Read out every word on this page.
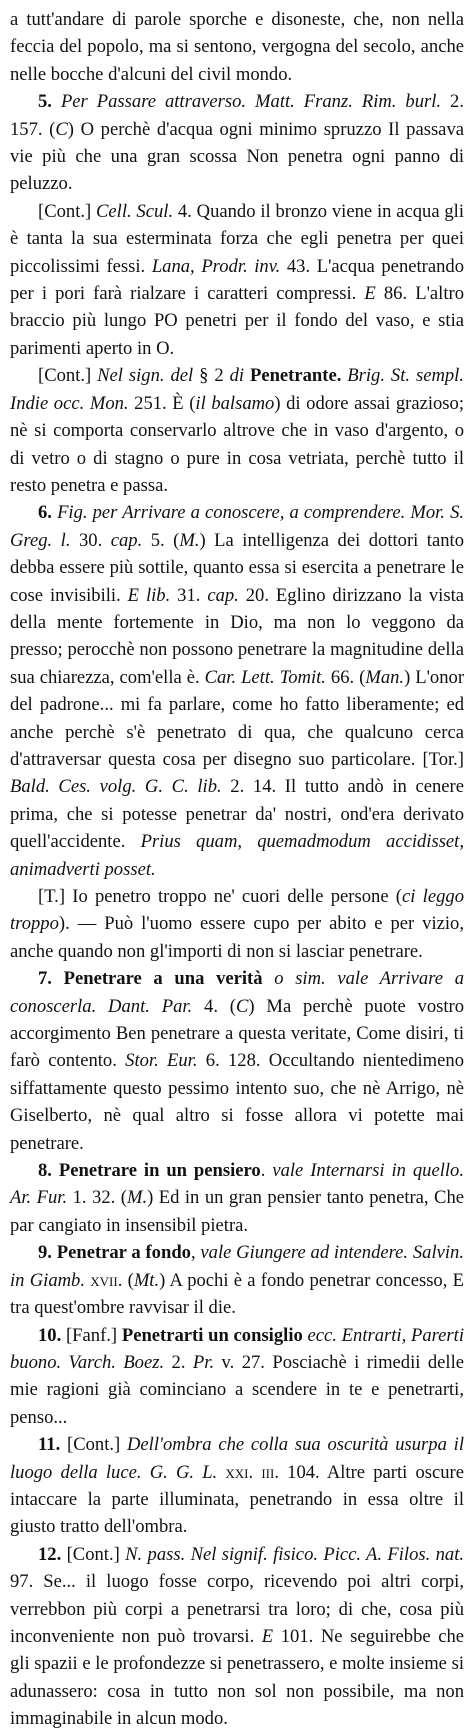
a tutt'andare di parole sporche e disoneste, che, non nella feccia del popolo, ma si sentono, vergogna del secolo, anche nelle bocche d'alcuni del civil mondo.

5. Per Passare attraverso. Matt. Franz. Rim. burl. 2. 157. (C) O perchè d'acqua ogni minimo spruzzo Il passava vie più che una gran scossa Non penetra ogni panno di peluzzo.

[Cont.] Cell. Scul. 4. Quando il bronzo viene in acqua gli è tanta la sua esterminata forza che egli penetra per quei piccolissimi fessi. Lana, Prodr. inv. 43. L'acqua penetrando per i pori farà rialzare i caratteri compressi. E 86. L'altro braccio più lungo PO penetri per il fondo del vaso, e stia parimenti aperto in O.

[Cont.] Nel sign. del § 2 di Penetrante. Brig. St. sempl. Indie occ. Mon. 251. È (il balsamo) di odore assai grazioso; nè si comporta conservarlo altrove che in vaso d'argento, o di vetro o di stagno o pure in cosa vetriata, perchè tutto il resto penetra e passa.

6. Fig. per Arrivare a conoscere, a comprendere. Mor. S. Greg. l. 30. cap. 5. (M.) La intelligenza dei dottori tanto debba essere più sottile, quanto essa si esercita a penetrare le cose invisibili. E lib. 31. cap. 20. Eglino dirizzano la vista della mente fortemente in Dio, ma non lo veggono da presso; perocchè non possono penetrare la magnitudine della sua chiarezza, com'ella è. Car. Lett. Tomit. 66. (Man.) L'onor del padrone... mi fa parlare, come ho fatto liberamente; ed anche perchè s'è penetrato di qua, che qualcuno cerca d'attraversar questa cosa per disegno suo particolare. [Tor.] Bald. Ces. volg. G. C. lib. 2. 14. Il tutto andò in cenere prima, che si potesse penetrar da' nostri, ond'era derivato quell'accidente. Prius quam, quemadmodum accidisset, animadverti posset.

[T.] Io penetro troppo ne' cuori delle persone (ci leggo troppo). — Può l'uomo essere cupo per abito e per vizio, anche quando non gl'importi di non si lasciar penetrare.

7. Penetrare a una verità o sim. vale Arrivare a conoscerla. Dant. Par. 4. (C) Ma perchè puote vostro accorgimento Ben penetrare a questa veritate, Come disiri, ti farò contento. Stor. Eur. 6. 128. Occultando nientedimeno siffattamente questo pessimo intento suo, che nè Arrigo, nè Giselberto, nè qual altro si fosse allora vi potette mai penetrare.

8. Penetrare in un pensiero. vale Internarsi in quello. Ar. Fur. 1. 32. (M.) Ed in un gran pensier tanto penetra, Che par cangiato in insensibil pietra.

9. Penetrar a fondo, vale Giungere ad intendere. Salvin. in Giamb. xvii. (Mt.) A pochi è a fondo penetrar concesso, E tra quest'ombre ravvisar il die.

10. [Fanf.] Penetrarti un consiglio ecc. Entrarti, Parerti buono. Varch. Boez. 2. Pr. v. 27. Posciachè i rimedii delle mie ragioni già cominciano a scendere in te e penetrarti, penso...

11. [Cont.] Dell'ombra che colla sua oscurità usurpa il luogo della luce. G. G. L. xxi. iii. 104. Altre parti oscure intaccare la parte illuminata, penetrando in essa oltre il giusto tratto dell'ombra.

12. [Cont.] N. pass. Nel signif. fisico. Picc. A. Filos. nat. 97. Se... il luogo fosse corpo, ricevendo poi altri corpi, verrebbon più corpi a penetrarsi tra loro; di che, cosa più inconveniente non può trovarsi. E 101. Ne seguirebbe che gli spazii e le profondezze si penetrassero, e molte insieme si adunassero: cosa in tutto non sol non possibile, ma non immaginabile in alcun modo.
